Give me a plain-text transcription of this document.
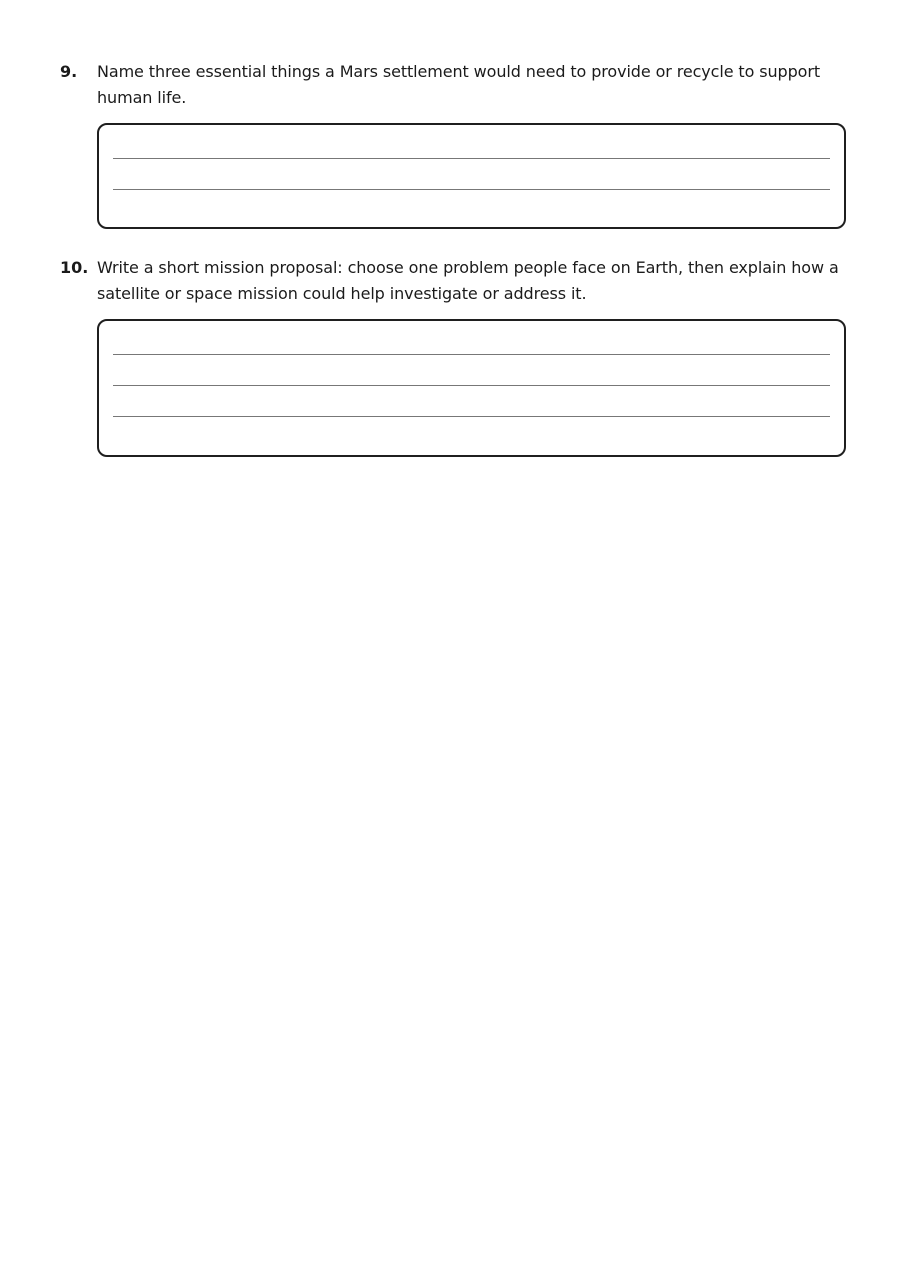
9.	Name three essential things a Mars settlement would need to provide or recycle to support human life.
10. Write a short mission proposal: choose one problem people face on Earth, then explain how a satellite or space mission could help investigate or address it.
